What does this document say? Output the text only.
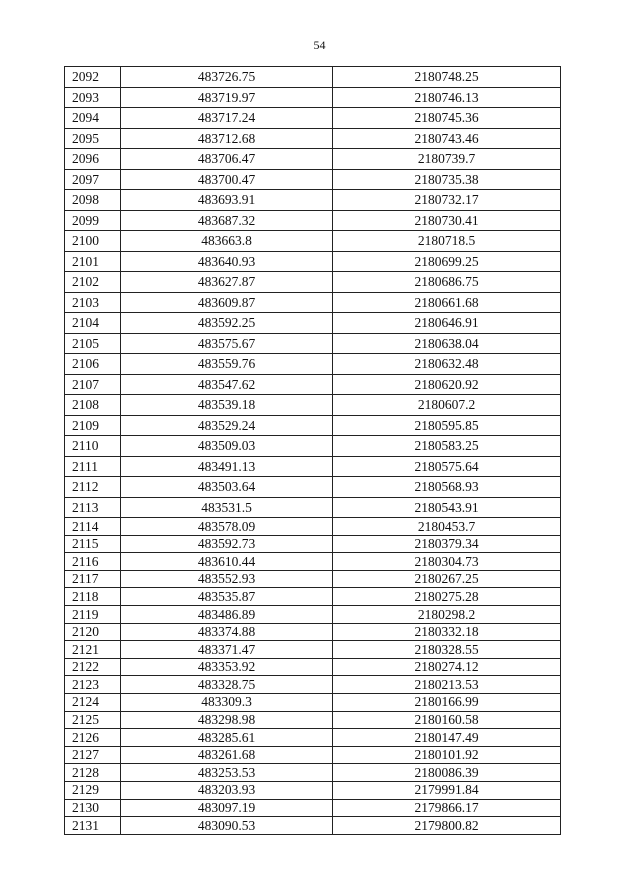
54
2092	483726.75	2180748.25
2093	483719.97	2180746.13
2094	483717.24	2180745.36
2095	483712.68	2180743.46
2096	483706.47	2180739.7
2097	483700.47	2180735.38
2098	483693.91	2180732.17
2099	483687.32	2180730.41
2100	483663.8	2180718.5
2101	483640.93	2180699.25
2102	483627.87	2180686.75
2103	483609.87	2180661.68
2104	483592.25	2180646.91
2105	483575.67	2180638.04
2106	483559.76	2180632.48
2107	483547.62	2180620.92
2108	483539.18	2180607.2
2109	483529.24	2180595.85
2110	483509.03	2180583.25
2111	483491.13	2180575.64
2112	483503.64	2180568.93
2113	483531.5	2180543.91
2114	483578.09	2180453.7
2115	483592.73	2180379.34
2116	483610.44	2180304.73
2117	483552.93	2180267.25
2118	483535.87	2180275.28
2119	483486.89	2180298.2
2120	483374.88	2180332.18
2121	483371.47	2180328.55
2122	483353.92	2180274.12
2123	483328.75	2180213.53
2124	483309.3	2180166.99
2125	483298.98	2180160.58
2126	483285.61	2180147.49
2127	483261.68	2180101.92
2128	483253.53	2180086.39
2129	483203.93	2179991.84
2130	483097.19	2179866.17
2131	483090.53	2179800.82
